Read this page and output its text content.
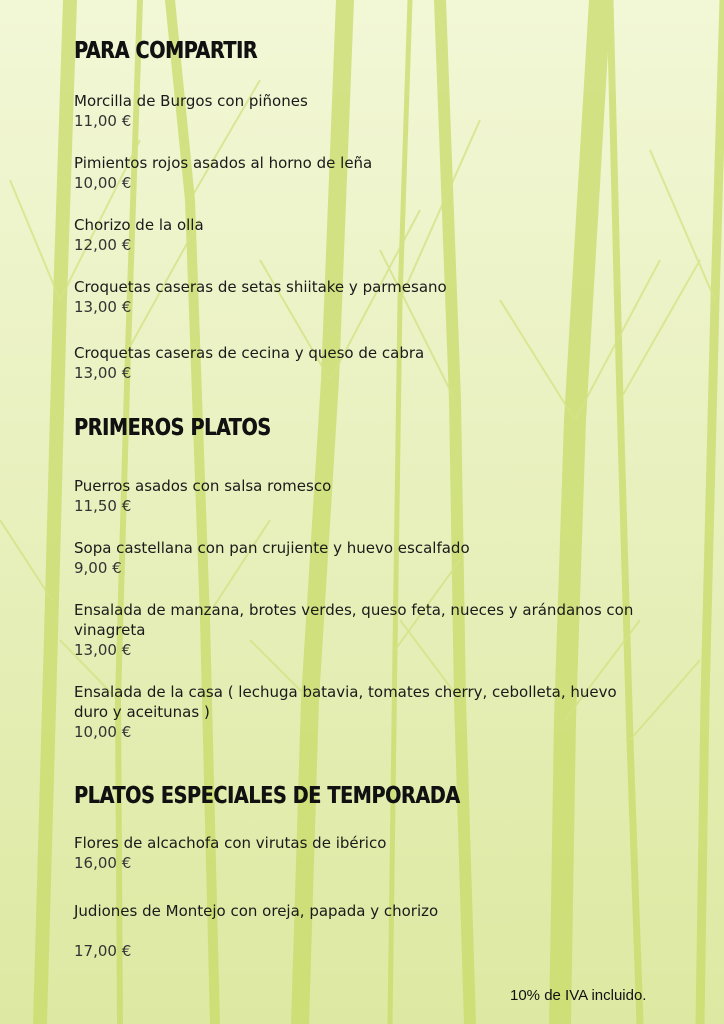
PARA COMPARTIR
Morcilla de Burgos con piñones
11,00 €
Pimientos rojos asados al horno de leña
10,00 €
Chorizo de la olla
12,00 €
Croquetas caseras de setas shiitake y parmesano
13,00 €
Croquetas caseras de cecina y queso de cabra
13,00 €
PRIMEROS PLATOS
Puerros asados con salsa romesco
11,50 €
Sopa castellana con pan crujiente y huevo escalfado
9,00 €
Ensalada de manzana, brotes verdes, queso feta, nueces y arándanos con vinagreta
13,00 €
Ensalada de la casa ( lechuga batavia, tomates cherry, cebolleta, huevo duro y aceitunas )
10,00 €
PLATOS ESPECIALES DE TEMPORADA
Flores de alcachofa con virutas de ibérico
16,00 €
Judiones de Montejo con oreja, papada y chorizo
17,00 €
10% de IVA incluido.
